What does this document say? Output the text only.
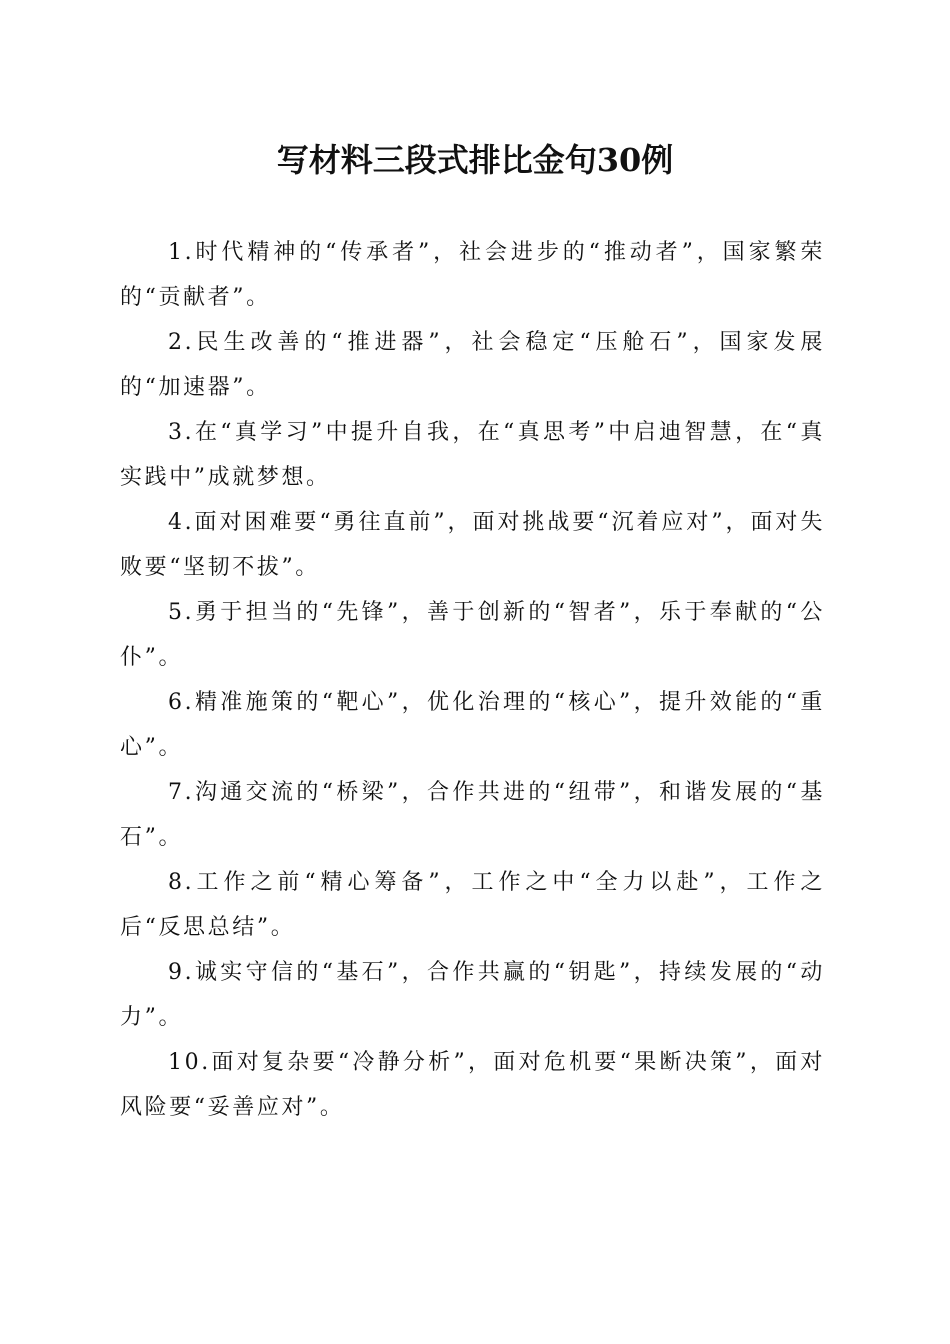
写材料三段式排比金句30例

1.时代精神的“传承者”，社会进步的“推动者”，国家繁荣的“贡献者”。

2.民生改善的“推进器”，社会稳定“压舱石”，国家发展的“加速器”。

3.在“真学习”中提升自我，在“真思考”中启迪智慧，在“真实践中”成就梦想。

4.面对困难要“勇往直前”，面对挑战要“沉着应对”，面对失败要“坚韧不拔”。

5.勇于担当的“先锋”，善于创新的“智者”，乐于奉献的“公仆”。

6.精准施策的“靶心”，优化治理的“核心”，提升效能的“重心”。

7.沟通交流的“桥梁”，合作共进的“纽带”，和谐发展的“基石”。

8.工作之前“精心筹备”，工作之中“全力以赴”，工作之后“反思总结”。

9.诚实守信的“基石”，合作共赢的“钥匙”，持续发展的“动力”。

10.面对复杂要“冷静分析”，面对危机要“果断决策”，面对风险要“妥善应对”。
